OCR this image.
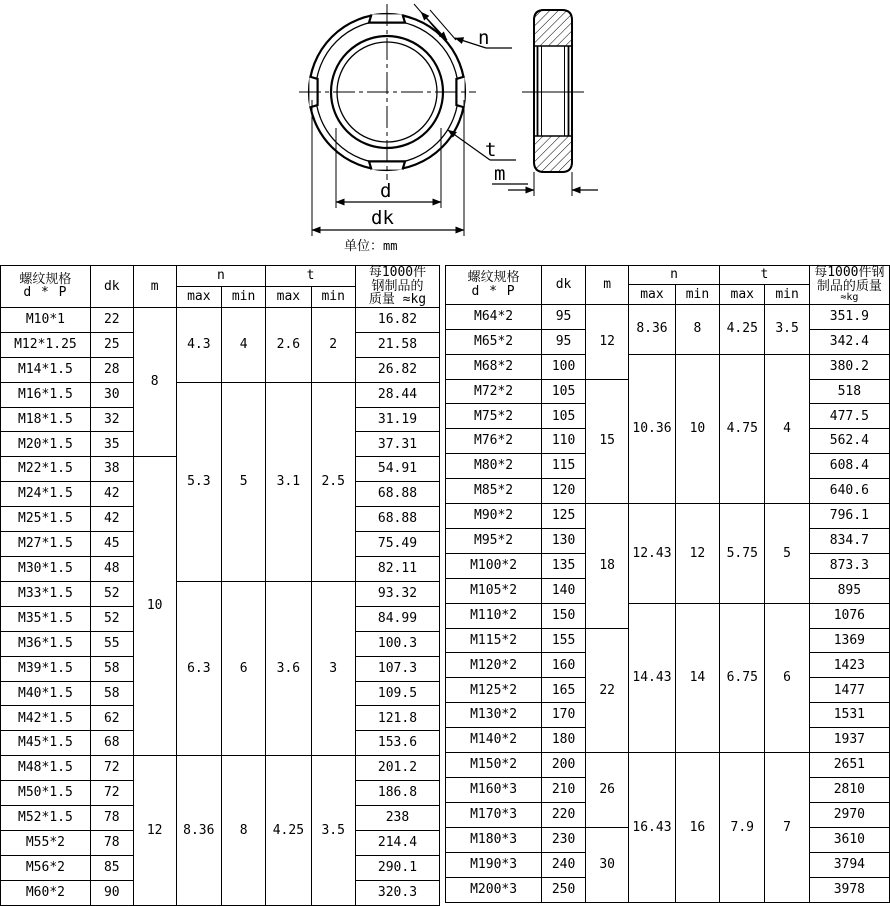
n
t
d
dk
m
单位：mm
螺纹规格
d * P	dk	m	n	t	每1000件
钢制品的
质量 ≈kg

			max	min	max	min	
M10*1	22	8	4.3	4	2.6	2	16.82
M12*1.25	25						21.58
M14*1.5	28						26.82
M16*1.5	30		5.3	5	3.1	2.5	28.44
M18*1.5	32						31.19
M20*1.5	35						37.31
M22*1.5	38	10					54.91
M24*1.5	42						68.88
M25*1.5	42						68.88
M27*1.5	45						75.49
M30*1.5	48						82.11
M33*1.5	52		6.3	6	3.6	3	93.32
M35*1.5	52						84.99
M36*1.5	55						100.3
M39*1.5	58						107.3
M40*1.5	58						109.5
M42*1.5	62						121.8
M45*1.5	68						153.6
M48*1.5	72	12	8.36	8	4.25	3.5	201.2
M50*1.5	72						186.8
M52*1.5	78						238
M55*2	78						214.4
M56*2	85						290.1
M60*2	90						320.3
螺纹规格
d * P	dk	m	n	t	每1000件钢
制品的质量
≈kg

			max	min	max	min	
M64*2	95	12	8.36	8	4.25	3.5	351.9
M65*2	95						342.4
M68*2	100		10.36	10	4.75	4	380.2
M72*2	105	15					518
M75*2	105						477.5
M76*2	110						562.4
M80*2	115						608.4
M85*2	120						640.6
M90*2	125	18	12.43	12	5.75	5	796.1
M95*2	130						834.7
M100*2	135						873.3
M105*2	140						895
M110*2	150		14.43	14	6.75	6	1076
M115*2	155	22					1369
M120*2	160						1423
M125*2	165						1477
M130*2	170						1531
M140*2	180						1937
M150*2	200	26	16.43	16	7.9	7	2651
M160*3	210						2810
M170*3	220						2970
M180*3	230	30					3610
M190*3	240						3794
M200*3	250						3978
